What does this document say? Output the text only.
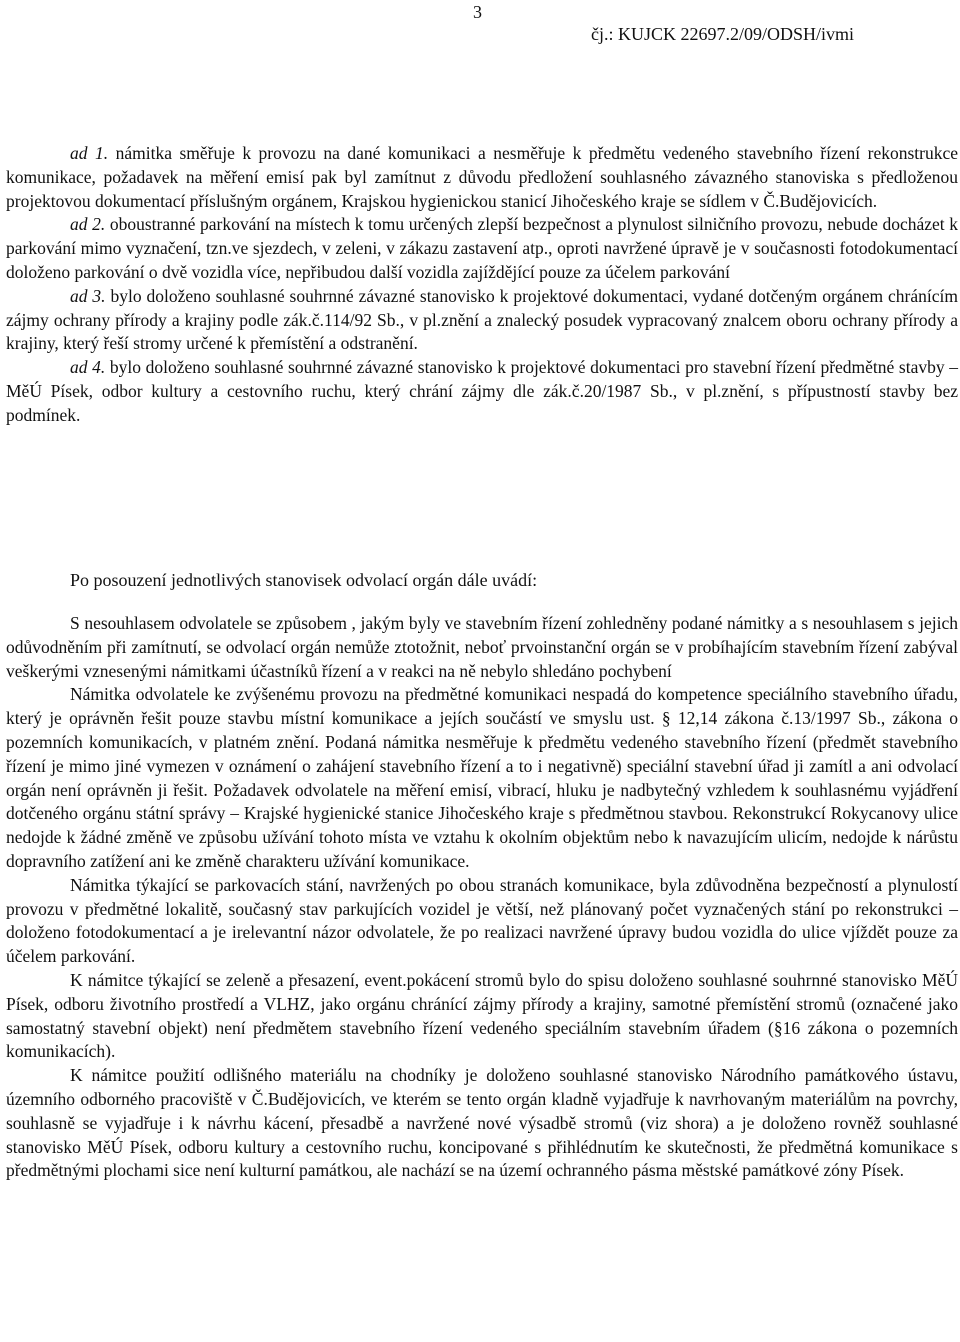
3
čj.: KUJCK 22697.2/09/ODSH/ivmi

ad 1. námitka směřuje k provozu na dané komunikaci a nesměřuje k předmětu vedeného stavebního řízení rekonstrukce komunikace, požadavek na měření emisí pak byl zamítnut z důvodu předložení souhlasného závazného stanoviska s předloženou projektovou dokumentací příslušným orgánem, Krajskou hygienickou stanicí Jihočeského kraje se sídlem v Č.Budějovicích.

ad 2. oboustranné parkování na místech k tomu určených zlepší bezpečnost a plynulost silničního provozu, nebude docházet k parkování mimo vyznačení, tzn.ve sjezdech, v zeleni, v zákazu zastavení atp., oproti navržené úpravě je v současnosti fotodokumentací doloženo parkování o dvě vozidla více, nepřibudou další vozidla zajíždějící pouze za účelem parkování

ad 3. bylo doloženo souhlasné souhrnné závazné stanovisko k projektové dokumentaci, vydané dotčeným orgánem chránícím zájmy ochrany přírody a krajiny podle zák.č.114/92 Sb., v pl.znění a znalecký posudek vypracovaný znalcem oboru ochrany přírody a krajiny, který řeší stromy určené k přemístění a odstranění.

ad 4. bylo doloženo souhlasné souhrnné závazné stanovisko k projektové dokumentaci pro stavební řízení předmětné stavby – MěÚ Písek, odbor kultury a cestovního ruchu, který chrání zájmy dle zák.č.20/1987 Sb., v pl.znění, s přípustností stavby bez podmínek.

Po posouzení jednotlivých stanovisek odvolací orgán dále uvádí:

S nesouhlasem odvolatele se způsobem , jakým byly ve stavebním řízení zohledněny podané námitky a s nesouhlasem s jejich odůvodněním při zamítnutí, se odvolací orgán nemůže ztotožnit, neboť prvoinstanční orgán se v probíhajícím stavebním řízení zabýval veškerými vznesenými námitkami účastníků řízení a v reakci na ně nebylo shledáno pochybení

Námitka odvolatele ke zvýšenému provozu na předmětné komunikaci nespadá do kompetence speciálního stavebního úřadu, který je oprávněn řešit pouze stavbu místní komunikace a jejích součástí ve smyslu ust. § 12,14 zákona č.13/1997 Sb., zákona o pozemních komunikacích, v platném znění. Podaná námitka nesměřuje k předmětu vedeného stavebního řízení (předmět stavebního řízení je mimo jiné vymezen v oznámení o zahájení stavebního řízení a to i negativně) speciální stavební úřad ji zamítl a ani odvolací orgán není oprávněn ji řešit. Požadavek odvolatele na měření emisí, vibrací, hluku je nadbytečný vzhledem k souhlasnému vyjádření dotčeného orgánu státní správy – Krajské hygienické stanice Jihočeského kraje s předmětnou stavbou. Rekonstrukcí Rokycanovy ulice nedojde k žádné změně ve způsobu užívání tohoto místa ve vztahu k okolním objektům nebo k navazujícím ulicím, nedojde k nárůstu dopravního zatížení ani ke změně charakteru užívání komunikace.

Námitka týkající se parkovacích stání, navržených po obou stranách komunikace, byla zdůvodněna bezpečností a plynulostí provozu v předmětné lokalitě, současný stav parkujících vozidel je větší, než plánovaný počet vyznačených stání po rekonstrukci – doloženo fotodokumentací a je irelevantní názor odvolatele, že po realizaci navržené úpravy budou vozidla do ulice vjíždět pouze za účelem parkování.

K námitce týkající se zeleně a přesazení, event.pokácení stromů bylo do spisu doloženo souhlasné souhrnné stanovisko MěÚ Písek, odboru životního prostředí a VLHZ, jako orgánu chránící zájmy přírody a krajiny, samotné přemístění stromů (označené jako samostatný stavební objekt) není předmětem stavebního řízení vedeného speciálním stavebním úřadem (§16 zákona o pozemních komunikacích).

K námitce použití odlišného materiálu na chodníky je doloženo souhlasné stanovisko Národního památkového ústavu, územního odborného pracoviště v Č.Budějovicích, ve kterém se tento orgán kladně vyjadřuje k navrhovaným materiálům na povrchy, souhlasně se vyjadřuje i k návrhu kácení, přesadbě a navržené nové výsadbě stromů (viz shora) a je doloženo rovněž souhlasné stanovisko MěÚ Písek, odboru kultury a cestovního ruchu, koncipované s přihlédnutím ke skutečnosti, že předmětná komunikace s předmětnými plochami sice není kulturní památkou, ale nachází se na území ochranného pásma městské památkové zóny Písek.
